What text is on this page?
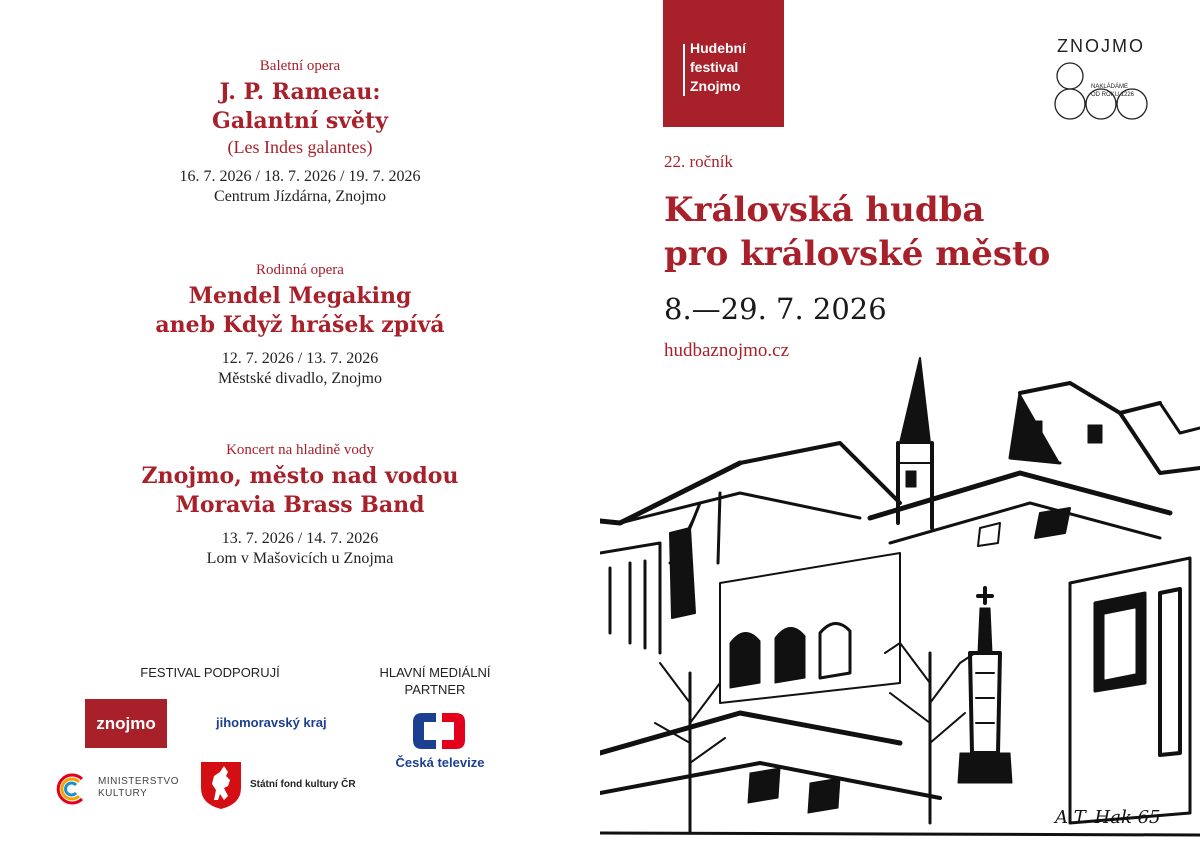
Baletní opera

J. P. Rameau:

Galantní světy

(Les Indes galantes)

16. 7. 2026 / 18. 7. 2026 / 19. 7. 2026

Centrum Jízdárna, Znojmo

Rodinná opera

Mendel Megaking

aneb Když hrášek zpívá

12. 7. 2026 / 13. 7. 2026

Městské divadlo, Znojmo

Koncert na hladině vody

Znojmo, město nad vodou

Moravia Brass Band

13. 7. 2026 / 14. 7. 2026

Lom v Mašovicích u Znojma

FESTIVAL PODPORUJÍ	HLAVNÍ MEDIÁLNÍ
PARTNER
znojmo	jihomoravský kraj
MINISTERSTVO
KULTURY
Státní fond kultury ČR
Česká televize
Hudební
festival
Znojmo
ZNOJMO
NAKLÁDÁME
OD ROKU 1226
A.T. Hak 65
22. ročník
Královská hudba
pro královské město
8.—29. 7. 2026
hudbaznojmo.cz
